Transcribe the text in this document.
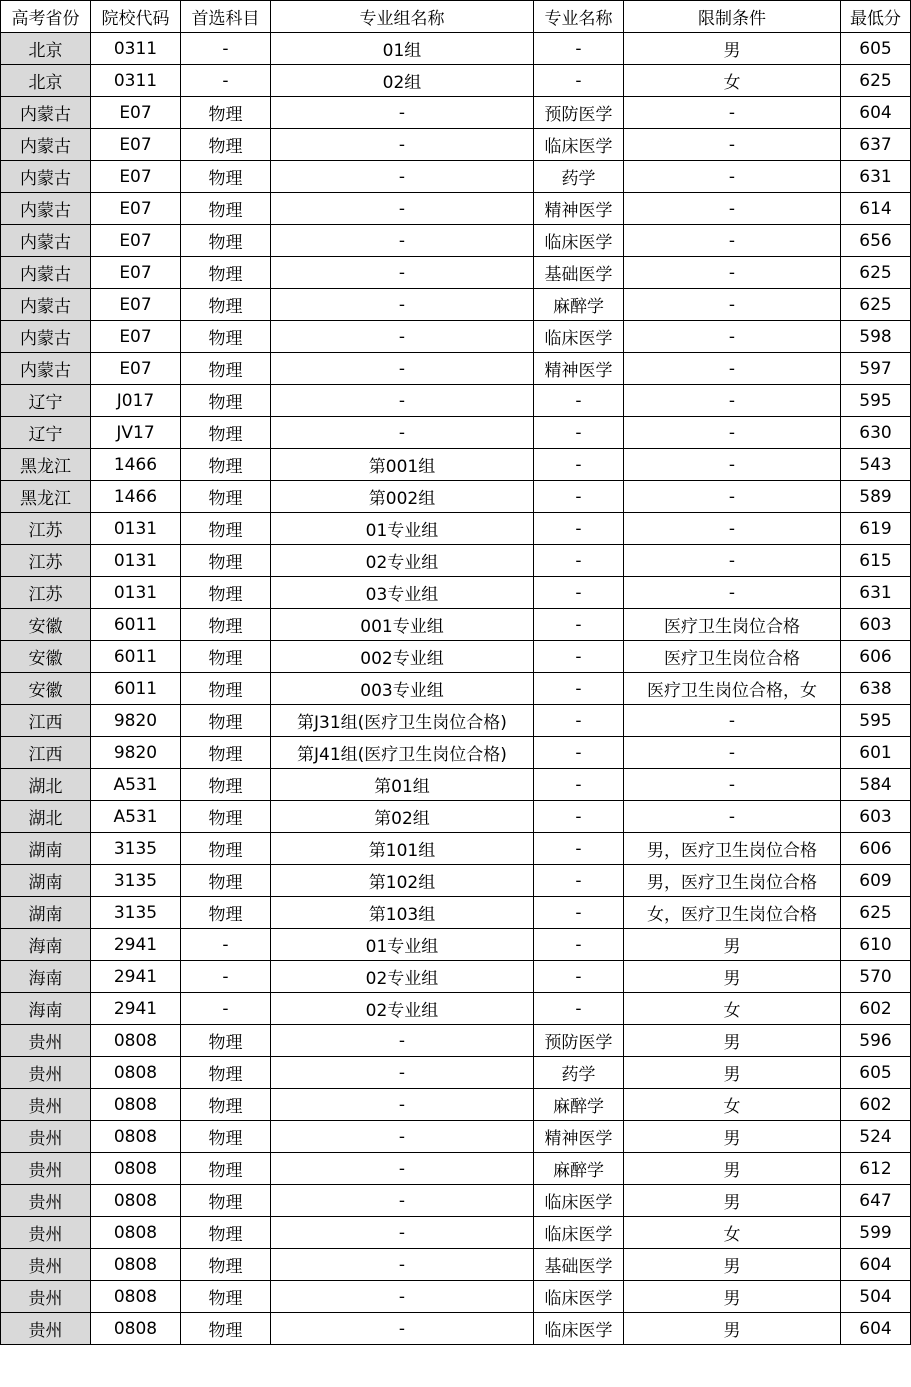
高考省份	院校代码	首选科目	专业组名称	专业名称	限制条件	最低分
北京	0311	-	01组	-	男	605
北京	0311	-	02组	-	女	625
内蒙古	E07	物理	-	预防医学	-	604
内蒙古	E07	物理	-	临床医学	-	637
内蒙古	E07	物理	-	药学	-	631
内蒙古	E07	物理	-	精神医学	-	614
内蒙古	E07	物理	-	临床医学	-	656
内蒙古	E07	物理	-	基础医学	-	625
内蒙古	E07	物理	-	麻醉学	-	625
内蒙古	E07	物理	-	临床医学	-	598
内蒙古	E07	物理	-	精神医学	-	597
辽宁	J017	物理	-	-	-	595
辽宁	JV17	物理	-	-	-	630
黑龙江	1466	物理	第001组	-	-	543
黑龙江	1466	物理	第002组	-	-	589
江苏	0131	物理	01专业组	-	-	619
江苏	0131	物理	02专业组	-	-	615
江苏	0131	物理	03专业组	-	-	631
安徽	6011	物理	001专业组	-	医疗卫生岗位合格	603
安徽	6011	物理	002专业组	-	医疗卫生岗位合格	606
安徽	6011	物理	003专业组	-	医疗卫生岗位合格，女	638
江西	9820	物理	第J31组(医疗卫生岗位合格)	-	-	595
江西	9820	物理	第J41组(医疗卫生岗位合格)	-	-	601
湖北	A531	物理	第01组	-	-	584
湖北	A531	物理	第02组	-	-	603
湖南	3135	物理	第101组	-	男，医疗卫生岗位合格	606
湖南	3135	物理	第102组	-	男，医疗卫生岗位合格	609
湖南	3135	物理	第103组	-	女，医疗卫生岗位合格	625
海南	2941	-	01专业组	-	男	610
海南	2941	-	02专业组	-	男	570
海南	2941	-	02专业组	-	女	602
贵州	0808	物理	-	预防医学	男	596
贵州	0808	物理	-	药学	男	605
贵州	0808	物理	-	麻醉学	女	602
贵州	0808	物理	-	精神医学	男	524
贵州	0808	物理	-	麻醉学	男	612
贵州	0808	物理	-	临床医学	男	647
贵州	0808	物理	-	临床医学	女	599
贵州	0808	物理	-	基础医学	男	604
贵州	0808	物理	-	临床医学	男	504
贵州	0808	物理	-	临床医学	男	604
